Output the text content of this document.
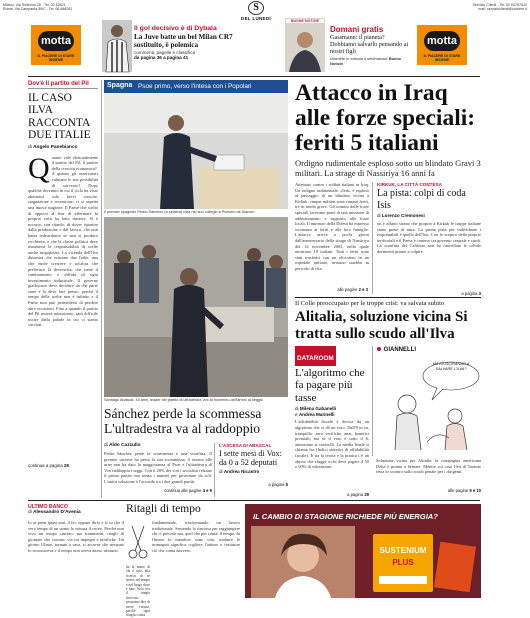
Milano, Via Solferino 28 - Tel. 02 62821
Roma, Via Campania 59/C - Tel. 06 688281	S
DEL LUNEDÌ
Servizio Clienti - Tel. 02 63797510
mail: servizioclienti@corriere.it
motta
IL PIACERE DI STARE INSIEME
Il gol decisivo è di Dybala
La Juve batte un bel Milan CR7 sostituito, è polemica
commenti, pagelle e classifica
da pagina 36 a pagina 41
BUONE NOTIZIE
Domani gratis
Gassmann: il pianeta? Dobbiamo salvarlo pensando ai nostri figli
chiedete in edicola il settimanale Buone Notizie
motta
IL PIACERE DI STARE INSIEME
Dov'è il partito del Pil
IL CASO ILVA RACCONTA DUE ITALIE
di Angelo Panebianco
Q uanto vale elettoralmente il partito del Pil, il partito della crescita economica?
A quanto gli osservatori valutano le sue possibilità di successo? Dopo qualche decennio in cui il ciclo ha visto alternarsi solo brevi crescite, stagnazione e recessione, ci si aspetta una nuova stagione. Il Paese che scelto di opporsi al fine di affermare la propria virtù ha fatto rinunce. Si è accorto, con ritardo, di dover ripartire dalla produzione e dal lavoro, che non basta redistribuire se non si produce ricchezza, e che la classe politica deve assumersi le responsabilità di scelte anche impopolari. La vicenda dell'Ilva dimostra che esistono due Italie: una che vuole crescere e un'altra che preferisce la decrescita, che teme il cambiamento e diffida di ogni investimento industriale. Il governo giallorosso deve decidere da che parte stare e lo deve fare presto, perché il tempo delle scelte non è infinito e il Paese non può permettersi di perdere altre occasioni. Fino a quando il partito del Pil resterà minoritario, sarà difficile uscire dalla palude in cui ci siamo cacciati.
continua a pagina 28
Spagna Psoe primo, verso l'intesa con i Popolari
Il premier spagnolo Pedro Sánchez (a sinistra) vota nel suo collegio a Pozuelo de Alarcón
Santiago Abascal, 43 anni, leader del partito di ultradestra Vox al momento dell'arrivo al seggio
Sánchez perde la scommessa L'ultradestra va al raddoppio
di Aldo Cazzullo
Pedro Sánchez perde le scommesse e una sconfitta. Il premier uscente ha perso la sua scommessa, il ritorno alle urne non ha dato la maggioranza al Psoe e l'ultradestra di Vox raddoppia i seggi. Con il 28% dei voti i socialisti restano il primo partito ma senza i numeri per governare da soli. L'unica soluzione è l'accordo tra i due grandi partiti.
continua alle pagine 4 e 5
L'ASCESA DI ABASCAL
I sette mesi di Vox: da 0 a 52 deputati
di Andrea Nicastro
a pagina 5
Attacco in Iraq alle forze speciali: feriti 5 italiani
Ordigno rudimentale esploso sotto un blindato Gravi 3 militari. La strage di Nassiriya 16 anni fa
Attentato contro i soldati italiani in Iraq. Un ordigno rudimentale, «Ied», è esploso al passaggio di un blindato vicino a Kirkuk: cinque militari sono rimasti feriti, tre in modo grave. Gli uomini delle forze speciali facevano parte di una missione di addestramento e supporto alle forze locali. Il ministro della Difesa ha espresso vicinanza ai feriti e alle loro famiglie. L'attacco arriva a pochi giorni dall'anniversario della strage di Nassiriya del 12 novembre 2003, nella quale morirono 19 italiani. Tutti i feriti sono stati trasferiti con un elicottero in un ospedale militare, nessuno sarebbe in pericolo di vita.
alle pagine 2 e 3
KIRKUK, LA CITTÀ CONTESA
La pista: colpi di coda Isis
di Lorenzo Cremonesi
on è affatto strano che proprio a Kirkuk le truppe italiane siano prese di mira. La prima pista per individuare i responsabili è quella dell'Isis. Con lo sceptro delle proprie territoriali e il Paese è conteso tra governo centrale e curdi. La sconfitta del Califfato non ha cancellato le cellule dormienti pronte a colpire.
a pagina 3
Il Colle preoccupato per le troppe crisi: va salvata subito
Alitalia, soluzione vicina Si tratta sullo scudo all'Ilva
DATAROOM
L'algoritmo che fa pagare più tasse
di Milena Gabanelli
e Andrea Marinelli
L'affidabilità fiscale è decisa da un algoritmo che ci dà un voto. Dall'8 in su, tranquillo: zero verifiche, anzi, benefici premiali; ma se il voto è sotto il 6, attenzione ai controlli. La media finale si chiama Isa (Indici sintetici di affidabilità fiscale). E tra la teoria e la pratica c'è un abisso che sfugge a chi deve pagare il 50 o 60% di valutazioni.
a pagina 29
GIANNELLI
MA RIUSCIRANNO A SALVARE L'ILVA?
Soluzione vicina per Alitalia: la compagnia americana Delta è pronta a firmare. Mentre sul caso Ilva di Taranto resta lo scontro sullo scudo penale per i dirigenti.
alle pagine 9 e 10
ULTIMO BANCO
di Alessandro D'Avenia	Ritagli di tempo
Io ai poeti quasi mai, il lei, oppure dirlo e si sa che il vero tempo di un uomo lo misura il cuore. Perché non vivo un tempo sincero, ma frammenti, ritagli di giornate che corrono via tra impegni e notifiche. Un giorno Ulisse, tornato a casa, si accorse che nessuno lo riconosceva e il tempo non aveva atteso nessuno.
fondamentale, trasformando un lavoro tradizionale. Sentendo la rincorsa per raggiungere chi ci precede ma, quel che più conta: il tempo. In Omero le metafore sono vita: tradurre le immagini significa cogliere l'attimo e restituire ciò che conta davvero.
ha la mano di chi è solo, alla ricerca di se stesso nel tempo e nel luogo dove è nato. Solo con il tempo ritrovato possiamo dire di avere vissuto, perché ogni ritaglio conta.
IL CAMBIO DI STAGIONE RICHIEDE PIÙ ENERGIA?
SUSTENIUM
PLUS
